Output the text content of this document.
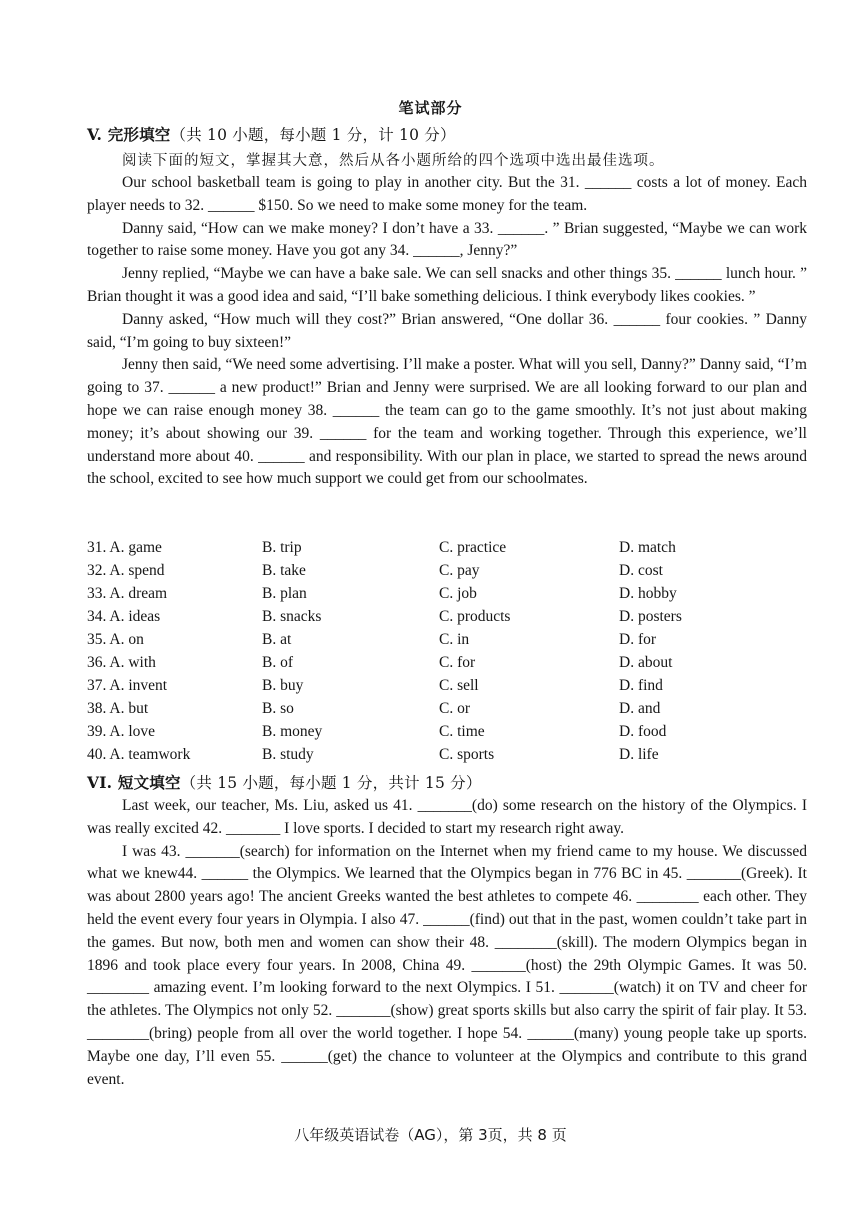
笔试部分
V. 完形填空（共 10 小题，每小题 1 分，计 10 分）
阅读下面的短文，掌握其大意，然后从各小题所给的四个选项中选出最佳选项。

Our school basketball team is going to play in another city. But the 31. ______ costs a lot of money. Each player needs to 32. ______ $150. So we need to make some money for the team.

Danny said, “How can we make money? I don’t have a 33. ______. ” Brian suggested, “Maybe we can work together to raise some money. Have you got any 34. ______, Jenny?”

Jenny replied, “Maybe we can have a bake sale. We can sell snacks and other things 35. ______ lunch hour. ” Brian thought it was a good idea and said, “I’ll bake something delicious. I think everybody likes cookies. ”

Danny asked, “How much will they cost?” Brian answered, “One dollar 36. ______ four cookies. ” Danny said, “I’m going to buy sixteen!”

Jenny then said, “We need some advertising. I’ll make a poster. What will you sell, Danny?” Danny said, “I’m going to 37. ______ a new product!” Brian and Jenny were surprised. We are all looking forward to our plan and hope we can raise enough money 38. ______ the team can go to the game smoothly. It’s not just about making money; it’s about showing our 39. ______ for the team and working together. Through this experience, we’ll understand more about 40. ______ and responsibility. With our plan in place, we started to spread the news around the school, excited to see how much support we could get from our schoolmates.

31. A. game	B. trip	C. practice	D. match
32. A. spend	B. take	C. pay	D. cost
33. A. dream	B. plan	C. job	D. hobby
34. A. ideas	B. snacks	C. products	D. posters
35. A. on	B. at	C. in	D. for
36. A. with	B. of	C. for	D. about
37. A. invent	B. buy	C. sell	D. find
38. A. but	B. so	C. or	D. and
39. A. love	B. money	C. time	D. food
40. A. teamwork	B. study	C. sports	D. life
VI. 短文填空（共 15 小题，每小题 1 分，共计 15 分）

Last week, our teacher, Ms. Liu, asked us 41. _______(do) some research on the history of the Olympics. I was really excited 42. _______ I love sports. I decided to start my research right away.

I was 43. _______(search) for information on the Internet when my friend came to my house. We discussed what we knew44. ______ the Olympics. We learned that the Olympics began in 776 BC in 45. _______(Greek). It was about 2800 years ago! The ancient Greeks wanted the best athletes to compete 46. ________ each other. They held the event every four years in Olympia. I also 47. ______(find) out that in the past, women couldn’t take part in the games. But now, both men and women can show their 48. ________(skill). The modern Olympics began in 1896 and took place every four years. In 2008, China 49. _______(host) the 29th Olympic Games. It was 50. ________ amazing event. I’m looking forward to the next Olympics. I 51. _______(watch) it on TV and cheer for the athletes. The Olympics not only 52. _______(show) great sports skills but also carry the spirit of fair play. It 53. ________(bring) people from all over the world together. I hope 54. ______(many) young people take up sports. Maybe one day, I’ll even 55. ______(get) the chance to volunteer at the Olympics and contribute to this grand event.

八年级英语试卷（AG），第 3页，共 8 页
